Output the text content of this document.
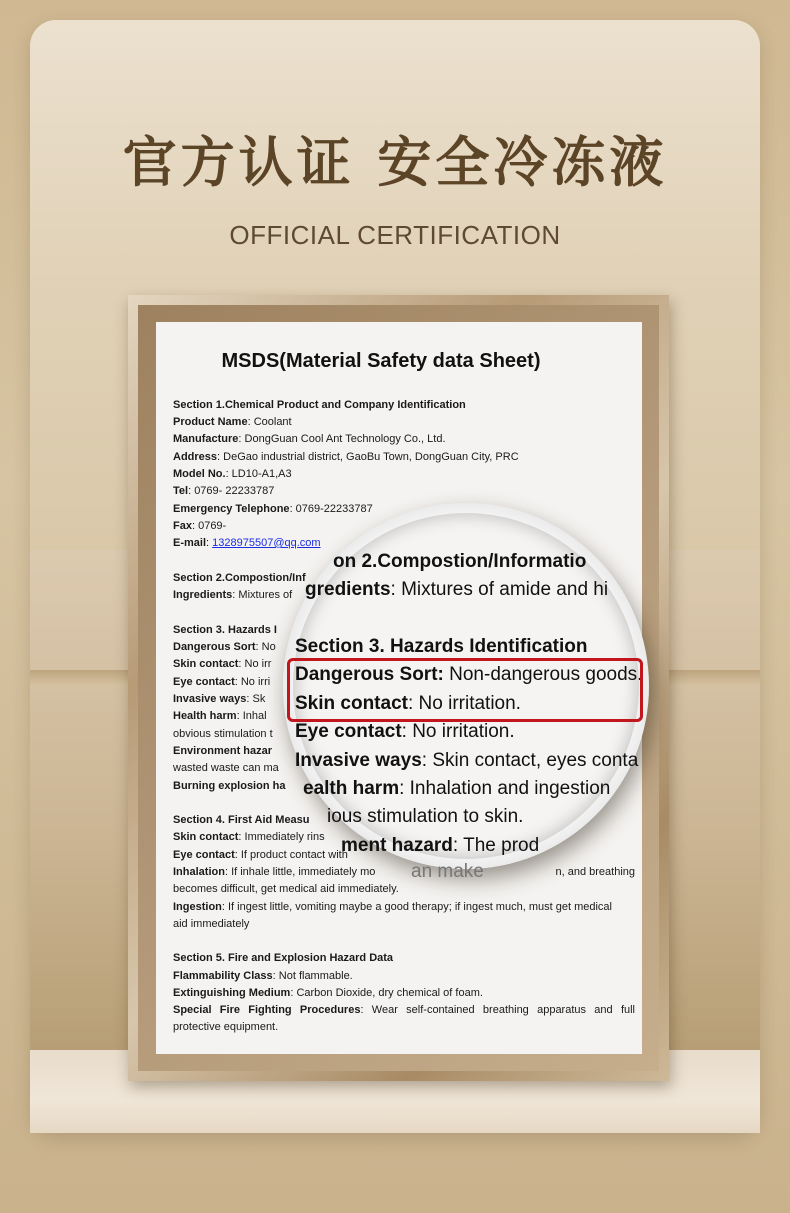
官方认证 安全冷冻液
OFFICIAL CERTIFICATION
MSDS(Material Safety data Sheet)
Section 1.Chemical Product and Company Identification
Product Name: Coolant
Manufacture: DongGuan Cool Ant Technology Co., Ltd.
Address: DeGao industrial district, GaoBu Town, DongGuan City, PRC
Model No.: LD10-A1,A3
Tel: 0769- 22233787
Emergency Telephone: 0769-22233787
Fax: 0769-
E-mail: 1328975507@qq.com
Section 2.Compostion/Inf
Ingredients: Mixtures of
Section 3. Hazards I
Dangerous Sort: No
Skin contact: No irr
Eye contact: No irri
Invasive ways: Sk
Health harm: Inhal
obvious stimulation t
Environment hazar
wasted waste can ma
Burning explosion ha
Section 4. First Aid Measu
Skin contact: Immediately rins
Eye contact: If product contact with
Inhalation: If inhale little, immediately mo	n, and breathing
becomes difficult, get medical aid immediately.
Ingestion: If ingest little, vomiting maybe a good therapy; if ingest much, must get medical
aid immediately
Section 5. Fire and Explosion Hazard Data
Flammability Class: Not flammable.
Extinguishing Medium: Carbon Dioxide, dry chemical of foam.
Special Fire Fighting Procedures: Wear self-contained breathing apparatus and full
protective equipment.
on 2.Compostion/Informatio
gredients: Mixtures of amide and hi
Section 3. Hazards Identification
Dangerous Sort: Non-dangerous goods.
Skin contact: No irritation.
Eye contact: No irritation.
Invasive ways: Skin contact, eyes conta
ealth harm: Inhalation and ingestion
ious stimulation to skin.
ment hazard: The prod
an make
